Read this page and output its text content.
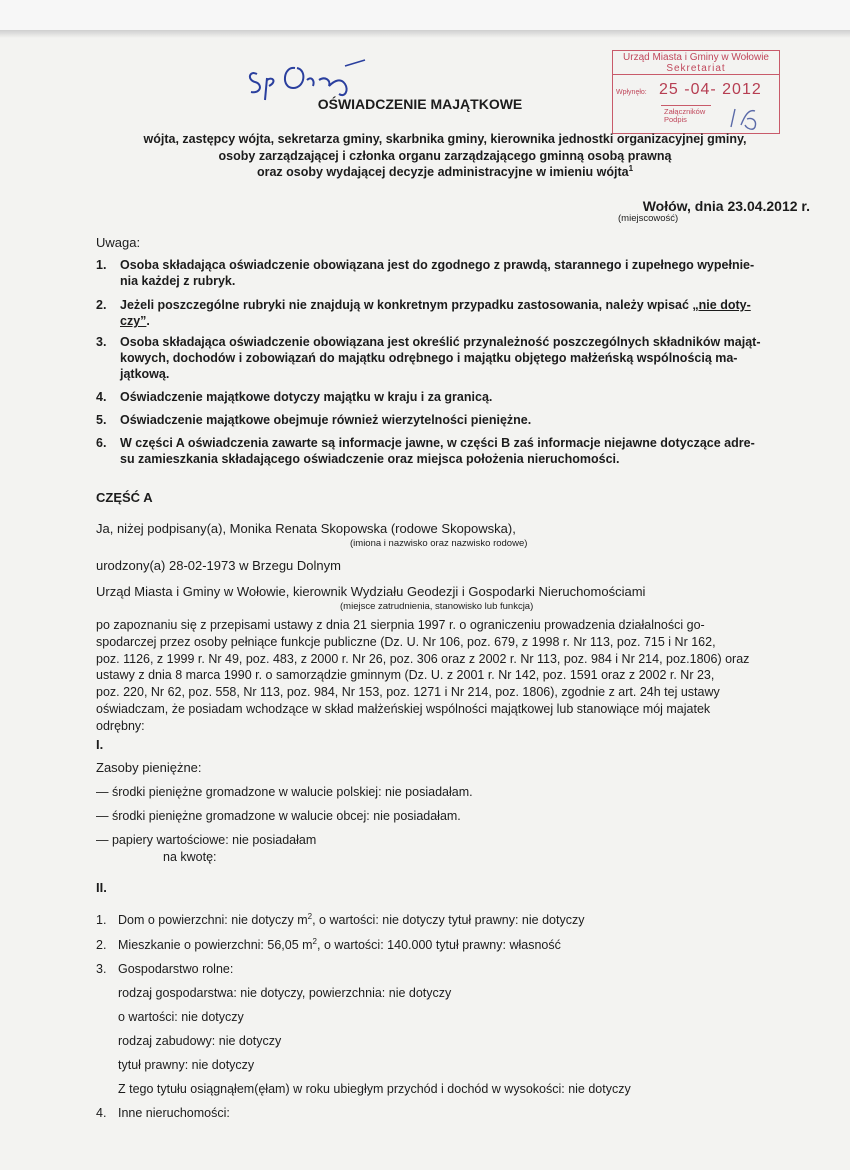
Urząd Miasta i Gminy w Wołowie
Sekretariat
Wpłynęło: 25 -04- 2012
Załączników
Podpis
OŚWIADCZENIE MAJĄTKOWE
wójta, zastępcy wójta, sekretarza gminy, skarbnika gminy, kierownika jednostki organizacyjnej gminy,
osoby zarządzającej i członka organu zarządzającego gminną osobą prawną
oraz osoby wydającej decyzje administracyjne w imieniu wójta$^1$
Wołów, dnia 23.04.2012 r.
(miejscowość)
Uwaga:
1. Osoba składająca oświadczenie obowiązana jest do zgodnego z prawdą, starannego i zupełnego wypełnie-
nia każdej z rubryk.
2. Jeżeli poszczególne rubryki nie znajdują w konkretnym przypadku zastosowania, należy wpisać „nie doty-
czy”.
3. Osoba składająca oświadczenie obowiązana jest określić przynależność poszczególnych składników mająt-
kowych, dochodów i zobowiązań do majątku odrębnego i majątku objętego małżeńską wspólnością ma-
jątkową.
4. Oświadczenie majątkowe dotyczy majątku w kraju i za granicą.
5. Oświadczenie majątkowe obejmuje również wierzytelności pieniężne.
6. W części A oświadczenia zawarte są informacje jawne, w części B zaś informacje niejawne dotyczące adre-
su zamieszkania składającego oświadczenie oraz miejsca położenia nieruchomości.
CZĘŚĆ A
Ja, niżej podpisany(a), Monika Renata Skopowska (rodowe Skopowska),
(imiona i nazwisko oraz nazwisko rodowe)
urodzony(a) 28-02-1973 w Brzegu Dolnym
Urząd Miasta i Gminy w Wołowie, kierownik Wydziału Geodezji i Gospodarki Nieruchomościami
(miejsce zatrudnienia, stanowisko lub funkcja)
po zapoznaniu się z przepisami ustawy z dnia 21 sierpnia 1997 r. o ograniczeniu prowadzenia działalności go-
spodarczej przez osoby pełniące funkcje publiczne (Dz. U. Nr 106, poz. 679, z 1998 r. Nr 113, poz. 715 i Nr 162,
poz. 1126, z 1999 r. Nr 49, poz. 483, z 2000 r. Nr 26, poz. 306 oraz z 2002 r. Nr 113, poz. 984 i Nr 214, poz.1806) oraz
ustawy z dnia 8 marca 1990 r. o samorządzie gminnym (Dz. U. z 2001 r. Nr 142, poz. 1591 oraz z 2002 r. Nr 23,
poz. 220, Nr 62, poz. 558, Nr 113, poz. 984, Nr 153, poz. 1271 i Nr 214, poz. 1806), zgodnie z art. 24h tej ustawy
oświadczam, że posiadam wchodzące w skład małżeńskiej wspólności majątkowej lub stanowiące mój majatek
odrębny:
I.
Zasoby pieniężne:
— środki pieniężne gromadzone w walucie polskiej: nie posiadałam.
— środki pieniężne gromadzone w walucie obcej: nie posiadałam.
— papiery wartościowe: nie posiadałam
na kwotę:
II.
1. Dom o powierzchni: nie dotyczy $m^2$, o wartości: nie dotyczy tytuł prawny: nie dotyczy
2. Mieszkanie o powierzchni: 56,05 $m^2$, o wartości: 140.000 tytuł prawny: własność
3. Gospodarstwo rolne:
rodzaj gospodarstwa: nie dotyczy, powierzchnia: nie dotyczy
o wartości: nie dotyczy
rodzaj zabudowy: nie dotyczy
tytuł prawny: nie dotyczy
Z tego tytułu osiągnąłem(ęłam) w roku ubiegłym przychód i dochód w wysokości: nie dotyczy
4. Inne nieruchomości:
